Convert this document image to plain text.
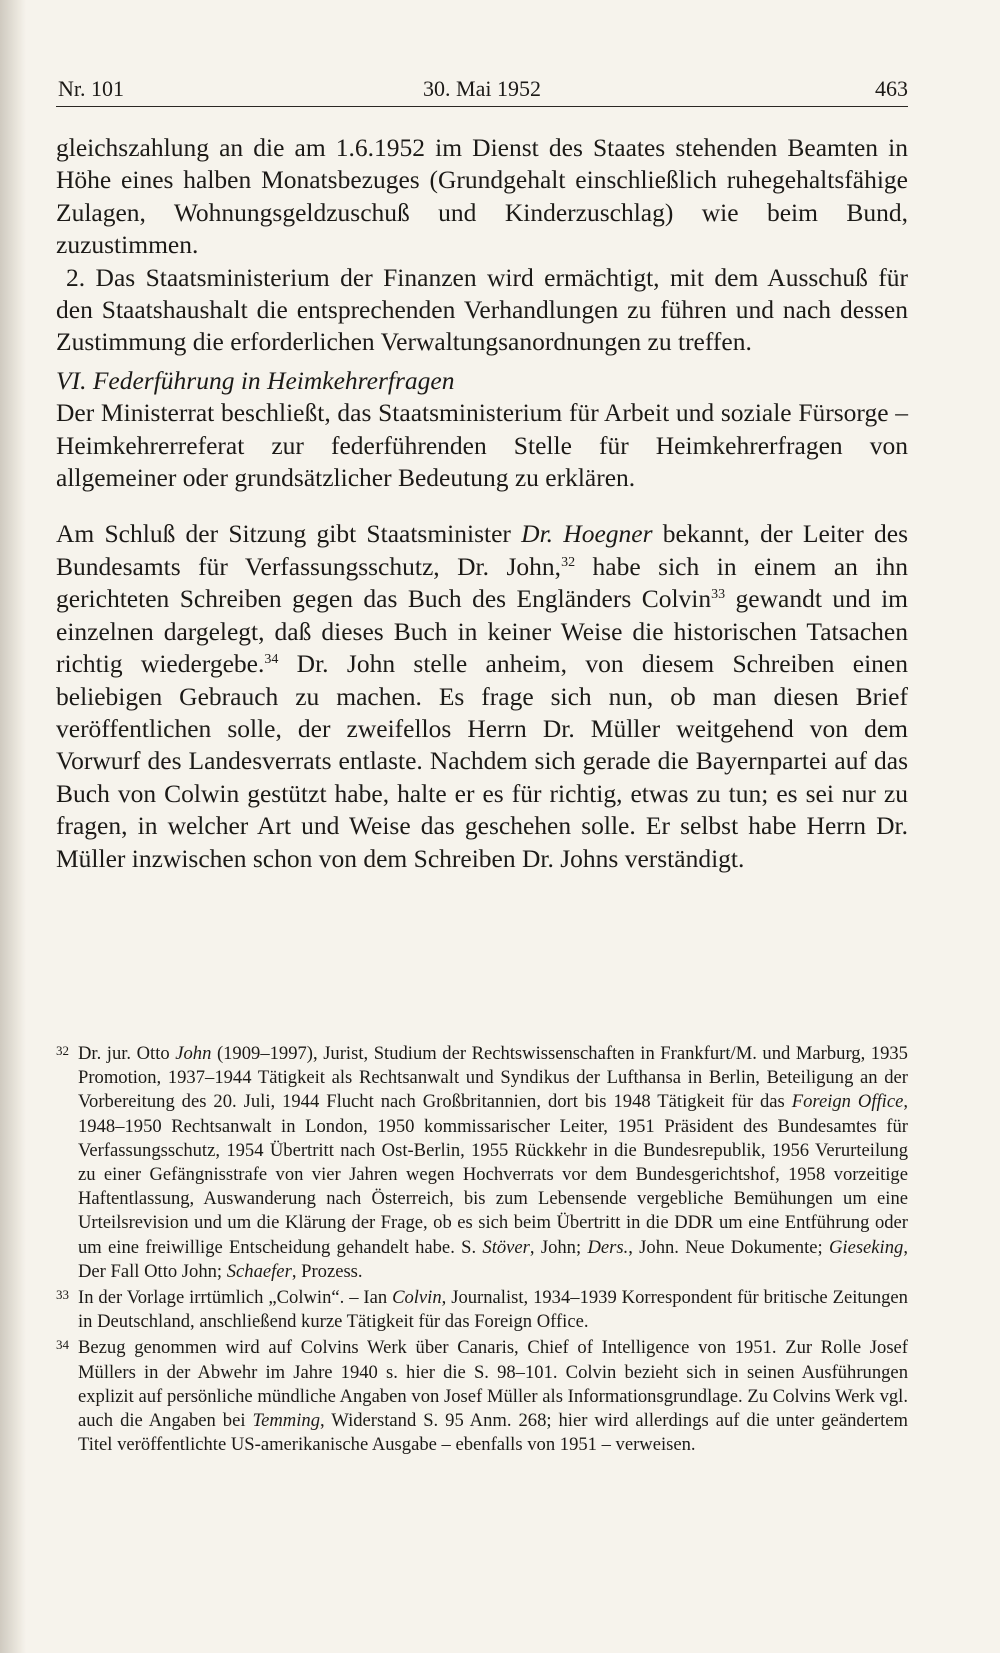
Nr. 101	30. Mai 1952	463

gleichszahlung an die am 1.6.1952 im Dienst des Staates stehenden Beamten in Höhe eines halben Monatsbezuges (Grundgehalt einschließlich ruhegehaltsfähige Zulagen, Wohnungsgeldzuschuß und Kinderzuschlag) wie beim Bund, zuzustimmen.

2. Das Staatsministerium der Finanzen wird ermächtigt, mit dem Ausschuß für den Staatshaushalt die entsprechenden Verhandlungen zu führen und nach dessen Zustimmung die erforderlichen Verwaltungsanordnungen zu treffen.

VI. Federführung in Heimkehrerfragen

Der Ministerrat beschließt, das Staatsministerium für Arbeit und soziale Fürsorge – Heimkehrerreferat zur federführenden Stelle für Heimkehrerfragen von allgemeiner oder grundsätzlicher Bedeutung zu erklären.

Am Schluß der Sitzung gibt Staatsminister Dr. Hoegner bekannt, der Leiter des Bundesamts für Verfassungsschutz, Dr. John,$^{32}$ habe sich in einem an ihn gerichteten Schreiben gegen das Buch des Engländers Colvin$^{33}$ gewandt und im einzelnen dargelegt, daß dieses Buch in keiner Weise die historischen Tatsachen richtig wiedergebe.$^{34}$ Dr. John stelle anheim, von diesem Schreiben einen beliebigen Gebrauch zu machen. Es frage sich nun, ob man diesen Brief veröffentlichen solle, der zweifellos Herrn Dr. Müller weitgehend von dem Vorwurf des Landesverrats entlaste. Nachdem sich gerade die Bayernpartei auf das Buch von Colwin gestützt habe, halte er es für richtig, etwas zu tun; es sei nur zu fragen, in welcher Art und Weise das geschehen solle. Er selbst habe Herrn Dr. Müller inzwischen schon von dem Schreiben Dr. Johns verständigt.

32 Dr. jur. Otto John (1909–1997), Jurist, Studium der Rechtswissenschaften in Frankfurt/M. und Marburg, 1935 Promotion, 1937–1944 Tätigkeit als Rechtsanwalt und Syndikus der Lufthansa in Berlin, Beteiligung an der Vorbereitung des 20. Juli, 1944 Flucht nach Großbritannien, dort bis 1948 Tätigkeit für das Foreign Office, 1948–1950 Rechtsanwalt in London, 1950 kommissarischer Leiter, 1951 Präsident des Bundesamtes für Verfassungsschutz, 1954 Übertritt nach Ost-Berlin, 1955 Rückkehr in die Bundesrepublik, 1956 Verurteilung zu einer Gefängnisstrafe von vier Jahren wegen Hochverrats vor dem Bundesgerichtshof, 1958 vorzeitige Haftentlassung, Auswanderung nach Österreich, bis zum Lebensende vergebliche Bemühungen um eine Urteilsrevision und um die Klärung der Frage, ob es sich beim Übertritt in die DDR um eine Entführung oder um eine freiwillige Entscheidung gehandelt habe. S. Stöver, John; Ders., John. Neue Dokumente; Gieseking, Der Fall Otto John; Schaefer, Prozess.

33 In der Vorlage irrtümlich „Colwin“. – Ian Colvin, Journalist, 1934–1939 Korrespondent für britische Zeitungen in Deutschland, anschließend kurze Tätigkeit für das Foreign Office.

34 Bezug genommen wird auf Colvins Werk über Canaris, Chief of Intelligence von 1951. Zur Rolle Josef Müllers in der Abwehr im Jahre 1940 s. hier die S. 98–101. Colvin bezieht sich in seinen Ausführungen explizit auf persönliche mündliche Angaben von Josef Müller als Informationsgrundlage. Zu Colvins Werk vgl. auch die Angaben bei Temming, Widerstand S. 95 Anm. 268; hier wird allerdings auf die unter geändertem Titel veröffentlichte US-amerikanische Ausgabe – ebenfalls von 1951 – verweisen.
